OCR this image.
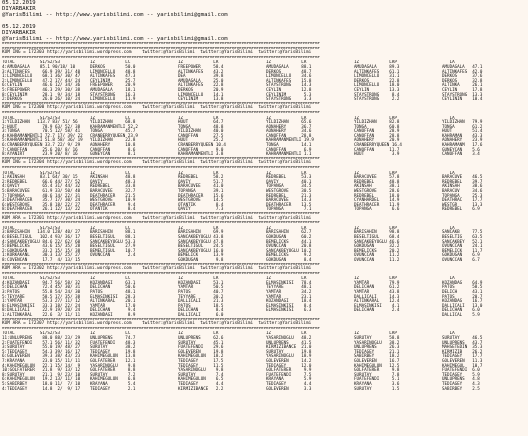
05.12.2019
DIYARBAKIR
@YarisBilimi -- http://www.yarisbilimi.com -- yarisbilimi@gmail.com
05.12.2019
DIYARBAKIR
@YarisBilimi -- http://www.yarisbilimi.com -- yarisbilimi@gmail.com
##################################################################################################################################
##################################################################################################################################
KUM ING = 172303 http://yarisbilimi.wordpress.com    twitter:@YarisBilimi  twitter:@YarisBilimi  twitter:@YarisBilimi
##################################################################################################################################
TOTAL          S1/S2/S3
4:AMUDAGALA    85.1 90/18/ 10
3:ALTINAFES     66.9 39/ 31/ 40
1:LIMONCELLO    68.1 36/ 30/ 47
2:LIMONCELLO    47.2 17/ 44/ 24
6:CEYLIN        46.6 12/ 34/ 36
5:FREEPOWER     46.3 29/ 30/ 38
8:CEYLINIM      28.1  9/ 34/ 18
2:DERKOS        26.0 26/ 10/ 24
1Z            LC
DERKOS        50.0
LIMONCELLO    48.8
ALTINKAFES    47.3
CEYLINIM      25.7
FREEPOWER     20.9
AMUDAGALA     18.1
STAYSTRONG    16.3
LIMONCELLO    11.9
1Z            LR
FREEPOWER     58.4
ALTINKAFES    43.2
DEA           39.8
AMUDAGALA     25.0
ALTINKAFES    22.8
DERKOS        20.9
LIMONCELLO    14.1
CEYLINIM      13.8
1Z            LR
AMUDAGALA     88.1
DERKOS        48.7
LIMONCELLO    34.6
ALTINKAFES    15.8
STAYSTRONG    14.3
CEYLIN        12.8
CEYLINIM       5.3
STAYSTRONG     3.3
1Z            LRP
AMUDAGALA     89.3
ALTINKAFES    61.1
LIMONCELLO    31.1
DERKOS        22.8
LIMONCELLO    18.0
CEYLIN        13.3
STAYSTRONG     8.4
STAYSTRONG     2.2
LA
AMUDAGALA   47.1
ALTINKAFES  42.0
DERKOS      37.6
DERKOS      32.8
ALTINKA     26.1
CEYLIN      17.8
STAYSTRONG  13.3
CEYLININ    10.4
##################################################################################################################################
KUM ING = 172300 http://yarisbilimi.wordpress.com    twitter:@YarisBilimi  twitter:@YarisBilimi  twitter:@YarisBilimi
##################################################################################################################################
TOTAL          S1/S2/S3
1:YILDIZHAN   113.7 83/ 51/ 56
2:HUUT          78.9 63/ 52/ 38
3:TONGA         70.5 12/ 58/ 41
4:KAHRAMANMENTLI 72.7 17/ 39/ 22
5:KAHRAMANMENTLI 51.8 58/ 36/ 19
6:CRANBERRYQUEEN 33.7 22/ 9/ 29
7:CANOFFAN      25.6 20/ 8/ 16
8:AYANIRT       23.9 20/ 8/ 16
1Z            LC
YILDIZHAN     68.8
KAHRAMANMENTLI 52.2
TONGA         45.7
CRANBERRYQUEEN 23.9
YILDIZHAN     22.8
AONAHERY      10.8
CANOFFAN       8.6
GUNEYCAN       8.1
1Z            LR
HUUT          64.7
TONGA         48.8
YILDIZHAN     40.0
CANOFFAN      27.5
HUUT          25.2
CRANBERRYQUEEN 10.4
CANOFFAN       9.0
KAHRAMANMENTLI 3.8
1Z            LR
YILDIZHAN     65.6
AONAHERY      36.7
AONAHERY      34.6
CANOFFAN      28.8
KAHRAMANMENTLI 19.9
TONGA         14.1
CANOFFAN       6.9
KAHRAMANMENTLI 1.1
1Z            LRP
YILDIZHAN     82.8
TONGA         60.8
CANOFFAN      28.9
CANOFFAN      28.8
AONAHERY      20.9
CRANBERRYQUEEN 16.4
CANOFFAN      11.7
HUUT           3.9
LA
YILDIZHAN   79.9
TONGA       61.2
HUUT        51.4
KAHRAMAN    43.3
AONAHERY    23.9
KAHRAMANM   17.6
GUNEYCAN    5.6
CANOFFAN    3.4
##################################################################################################################################
KUM ING = 172304 http://yarisbilimi.wordpress.com    twitter:@YarisBilimi  twitter:@YarisBilimi  twitter:@YarisBilimi
##################################################################################################################################
TOTAL          S1/S2/S3
1:AKINSAH      83.1 64/ 30/ 15
2:REDREBEL      66.6 44/ 27/ 52
4:QAVIY         65.4 31/ 44/ 32
5:BARACUVEE     61.9 33/ 50/ 40
7:TOPANGA       40.6 14/ 22/ 31
3:DEATHRACER    35.7 17/ 30/ 24
6:WESTGROVE     35.8 18/ 22/ 27
8:DEATHRACER    26.1 12/ 13/ 22
1Z            LC
AKINSAH       48.8
QAVIY         48.3
REDREBEL      33.8
BARACUVEE     32.7
DEATHRACER    21.5
WESTGROVE     10.9
DEATHRACER     9.4
OTANTIK        8.4
1Z            LR
REDREBEL      58.2
QAVIY         51.7
BARACUVEE     41.0
TOPANGA       39.1
DEATHRACER    15.6
WESTGROVE     14.5
OTANTIK        8.4
QAVIY          7.3
1Z            LR
REDREBEL      53.3
QAVIY         40.1
TOPANGA       34.5
WESTGROVE     30.5
REDREBEL      21.3
BARACUVEE     14.3
DEATHRACER    13.5
TOPANGA        7.1
1Z            LRP
BARACUVEE     57.8
REDREBEL      48.8
AKINSAH       38.1
WESTGROVE     28.6
REDREBEL      18.0
CYANHARDEL    14.9
DEATHRACER    11.9
TOPANGA        6.6
LA
BARACUVE    46.5
REDREBEL    39.7
AKINSAH     38.6
BARACUV     34.6
TOPANGA     25.3
DEATHRAC    17.7
WESTGR      13.3
REDREBEL    6.9
##################################################################################################################################
KUM ARA = 172301 http://yarisbilimi.wordpress.com    twitter:@YarisBilimi  twitter:@YarisBilimi  twitter:@YarisBilimi
##################################################################################################################################
TOTAL          S1/S2/S3
3:BARISAHIN   134.0 128/ 40/ 27
6:BESELTIGUL   102.4 93/ 36/ 17
4:SANCAKBEYOGLU 84.6 22/ 62/ 60
5:BEMELICKS     43.6 15/ 35/ 28
2:GOKDUGAN      33.2 15/ 15/ 38
1:KORKAKANL     30.3 13/ 25/ 27
8:COVENCAN      17.7  4/ 13/ 15
1Z            LC
BARISAHIN     88.1
BESELTIGUL    88.1
SANCAKBEYOGLU 53.3
BESELTIGUL    27.9
BEMELTIGUL    10.7
OVUNCCAN       2.4
1Z            LR
BARISAHIN     69.9
SANCAKBEYOGLU 43.8
SANCAKBEYOGLU 47.8
BESELTIGUL    24.5
SANCAKBEYOGLU 16.0
BEMELICK      13.9
GOKDUGAN       9.8
1Z            LR
BARISAHIN     62.7
GOKDUGAN      60.2
BEMELICKS     44.1
OVUNCCAN      20.8
SANCAKBEYOGLU 10.2
BEMELICKS      9.2
GOKDUGAN       8.4
1Z            LRP
BARISAHIN     98.8
BESELTIGUL    68.4
SANCAKBEYOGLU 46.6
GOKDUGAN      32.2
BEMELICKS     20.2
OVUNCCAN      11.2
OVUNCCAN      11.2
LA
SANCAKB     77.5
BESELTIG    63.5
SANCAKBEY   52.1
OVUNCCAN    24.1
BEMELICK    11.7
GOKDUGAN    6.9
OVUNCCAN    6.7
##################################################################################################################################
KUM ARA = 172302 http://yarisbilimi.wordpress.com    twitter:@YarisBilimi  twitter:@YarisBilimi  twitter:@YarisBilimi
##################################################################################################################################
TOTAL          S1/S2/S3
4:KOZANDAGI     94.7 56/ 58/ 32
5:DELICHAN      72.4 45/ 30/ 31
3:PATOS         55.8 54/ 24/ 30
5:TEYYARE       58.5 17/ 35/ 38
1:YAMTAR        53.3 27/ 11/ 12
8:ELMASINKISI   33.3 18/ 22/ 24
8:DALLICALI     22.9 19/ 20/ 24
1:ALTINKARAL    22.6  3/ 11/ 11
1Z            LC
KOZANDAGI     63.1
DELICHAN      50.6
PATOS         48.1
ELMASINKISI   28.3
ALTINKARAL    20.1
YAMTAR        17.0
DELICHAN       9.4
KOZANDAGI      8.9
1Z            LR
KOZANDAGI     53.1
YAMTAR        50.5
PATOS         40.7
TEYYARE       30.2
DALLICALI     21.3
PATOS         18.5
DELICHAN       8.4
DALLICALI      6.0
1Z            LR
ELMASINKISI   78.4
TEYYARE       48.1
YAMTAR        34.2
YAMTAR        23.1
KOZANDAGI     18.4
ELMASINKISI    8.4
ELMASINKISI    6.3
1Z            LRP
YAMTAR        79.9
DELICHAN      61.2
YAMTAR        43.8
DALLICALI     14.3
ALTINKARAL    12.4
ELMASINKISI    4.1
DELICHAN       2.4
LA
KOZANDAG    64.9
PATOS       58.5
DELICH      43.1
PATOS       20.7
KOZANDAG    16.7
DALLICALI   13.0
DELICHAN    6.0
DALLICAL    5.9
##################################################################################################################################
KUM ARA = 172307 http://yarisbilimi.wordpress.com    twitter:@YarisBilimi  twitter:@YarisBilimi  twitter:@YarisBilimi
##################################################################################################################################
TOTAL          S1/S2/S3
11:UNLUPRENS    88.0 88/ 23/ 29
2:FUATEFENDI    57.1 56/ 11/ 32
3:SURUTAY       55.0 19/ 48/ 27
5:TEDIAGEY      54.3 39/ 16/ 17
6:GOLEVEREN     39.3 38/ 43/ 23
7:KRAYANA       23.0 15/ 11/ 11
4:KAHIMEGULUN   22.1 15/ 14/  9
10:GOLFATERER   21.8  9/ 13/ 12
8:SURUTAY       21.1  9/ 23/ 10
6:KAHIMEGULUN   19.2 13/ 11/ 10
5:SABIRBEY      18.0 11/  7/ 10
4:TEDIAGEY      14.8  2/  9/ 17
1Z            LC
UNLUPRENS     74.7
FUATEFENDI    48.3
SURUTAY       38.2
TEDIAGEY      19.8
KAHIMEGULUN   13.8
GOLFATERER    12.1
YASARINOGLU    9.8
GOLFATERER     8.8
SURUTAY        7.2
KAHIMEGULUN    6.8
KRAYANA        5.4
TEDIAGEY       2.1
1Z            LR
UNLUPRENS     62.6
SURUTAY       45.1
FUATEFENDI    29.6
GOLEVEREN     19.8
KAHIMEGULUN   18.2
TEDIAGEY      17.5
TEDIAGEY      11.5
YASARINOGLU    9.8
SURUTAY        7.4
KAHIMEGULUN    6.5
TEDIAGEY       4.4
KIRMIZIBANCE   2.2
1Z            LR
YASARINOGLU   48.2
UNLUPRENS     41.5
KIRMIZIBANCE  21.0
SURUTAY       19.8
YASARINOGLU   18.9
GOLEVEREN     14.2
TEDIAGEY      12.0
GOLFATERER     9.9
FUATEFENDI     7.5
KRAYANA        5.9
TEDIAGEY       4.4
GOLEVEREN      3.3
1Z            LRP
SURUTAY       58.8
YASARINOGLU   38.2
UNLUPRENS     26.3
TEDIAGEY      21.1
SABIRBEY      18.2
GOLEVEREN     16.7
KAHIMEGULUN   12.5
GOLFATERER     9.8
SURUTAY        7.8
FUATEFENDI     5.1
KRAYANA        3.6
SURUTAY        1.5
LA
SURUTAY     46.5
UNLUPRENS   43.7
MAHSETEDIN  35.3
KIRMIZIB    26.2
TEDIAGEY    17.7
GOLEVEREN   11.3
KAHIMEGUL   10.7
FUATEFENDI  6.0
TEDIAGEY    5.9
UNLUPRENS   4.8
TEDIAGEY    4.3
SABIRBEY    2.5
